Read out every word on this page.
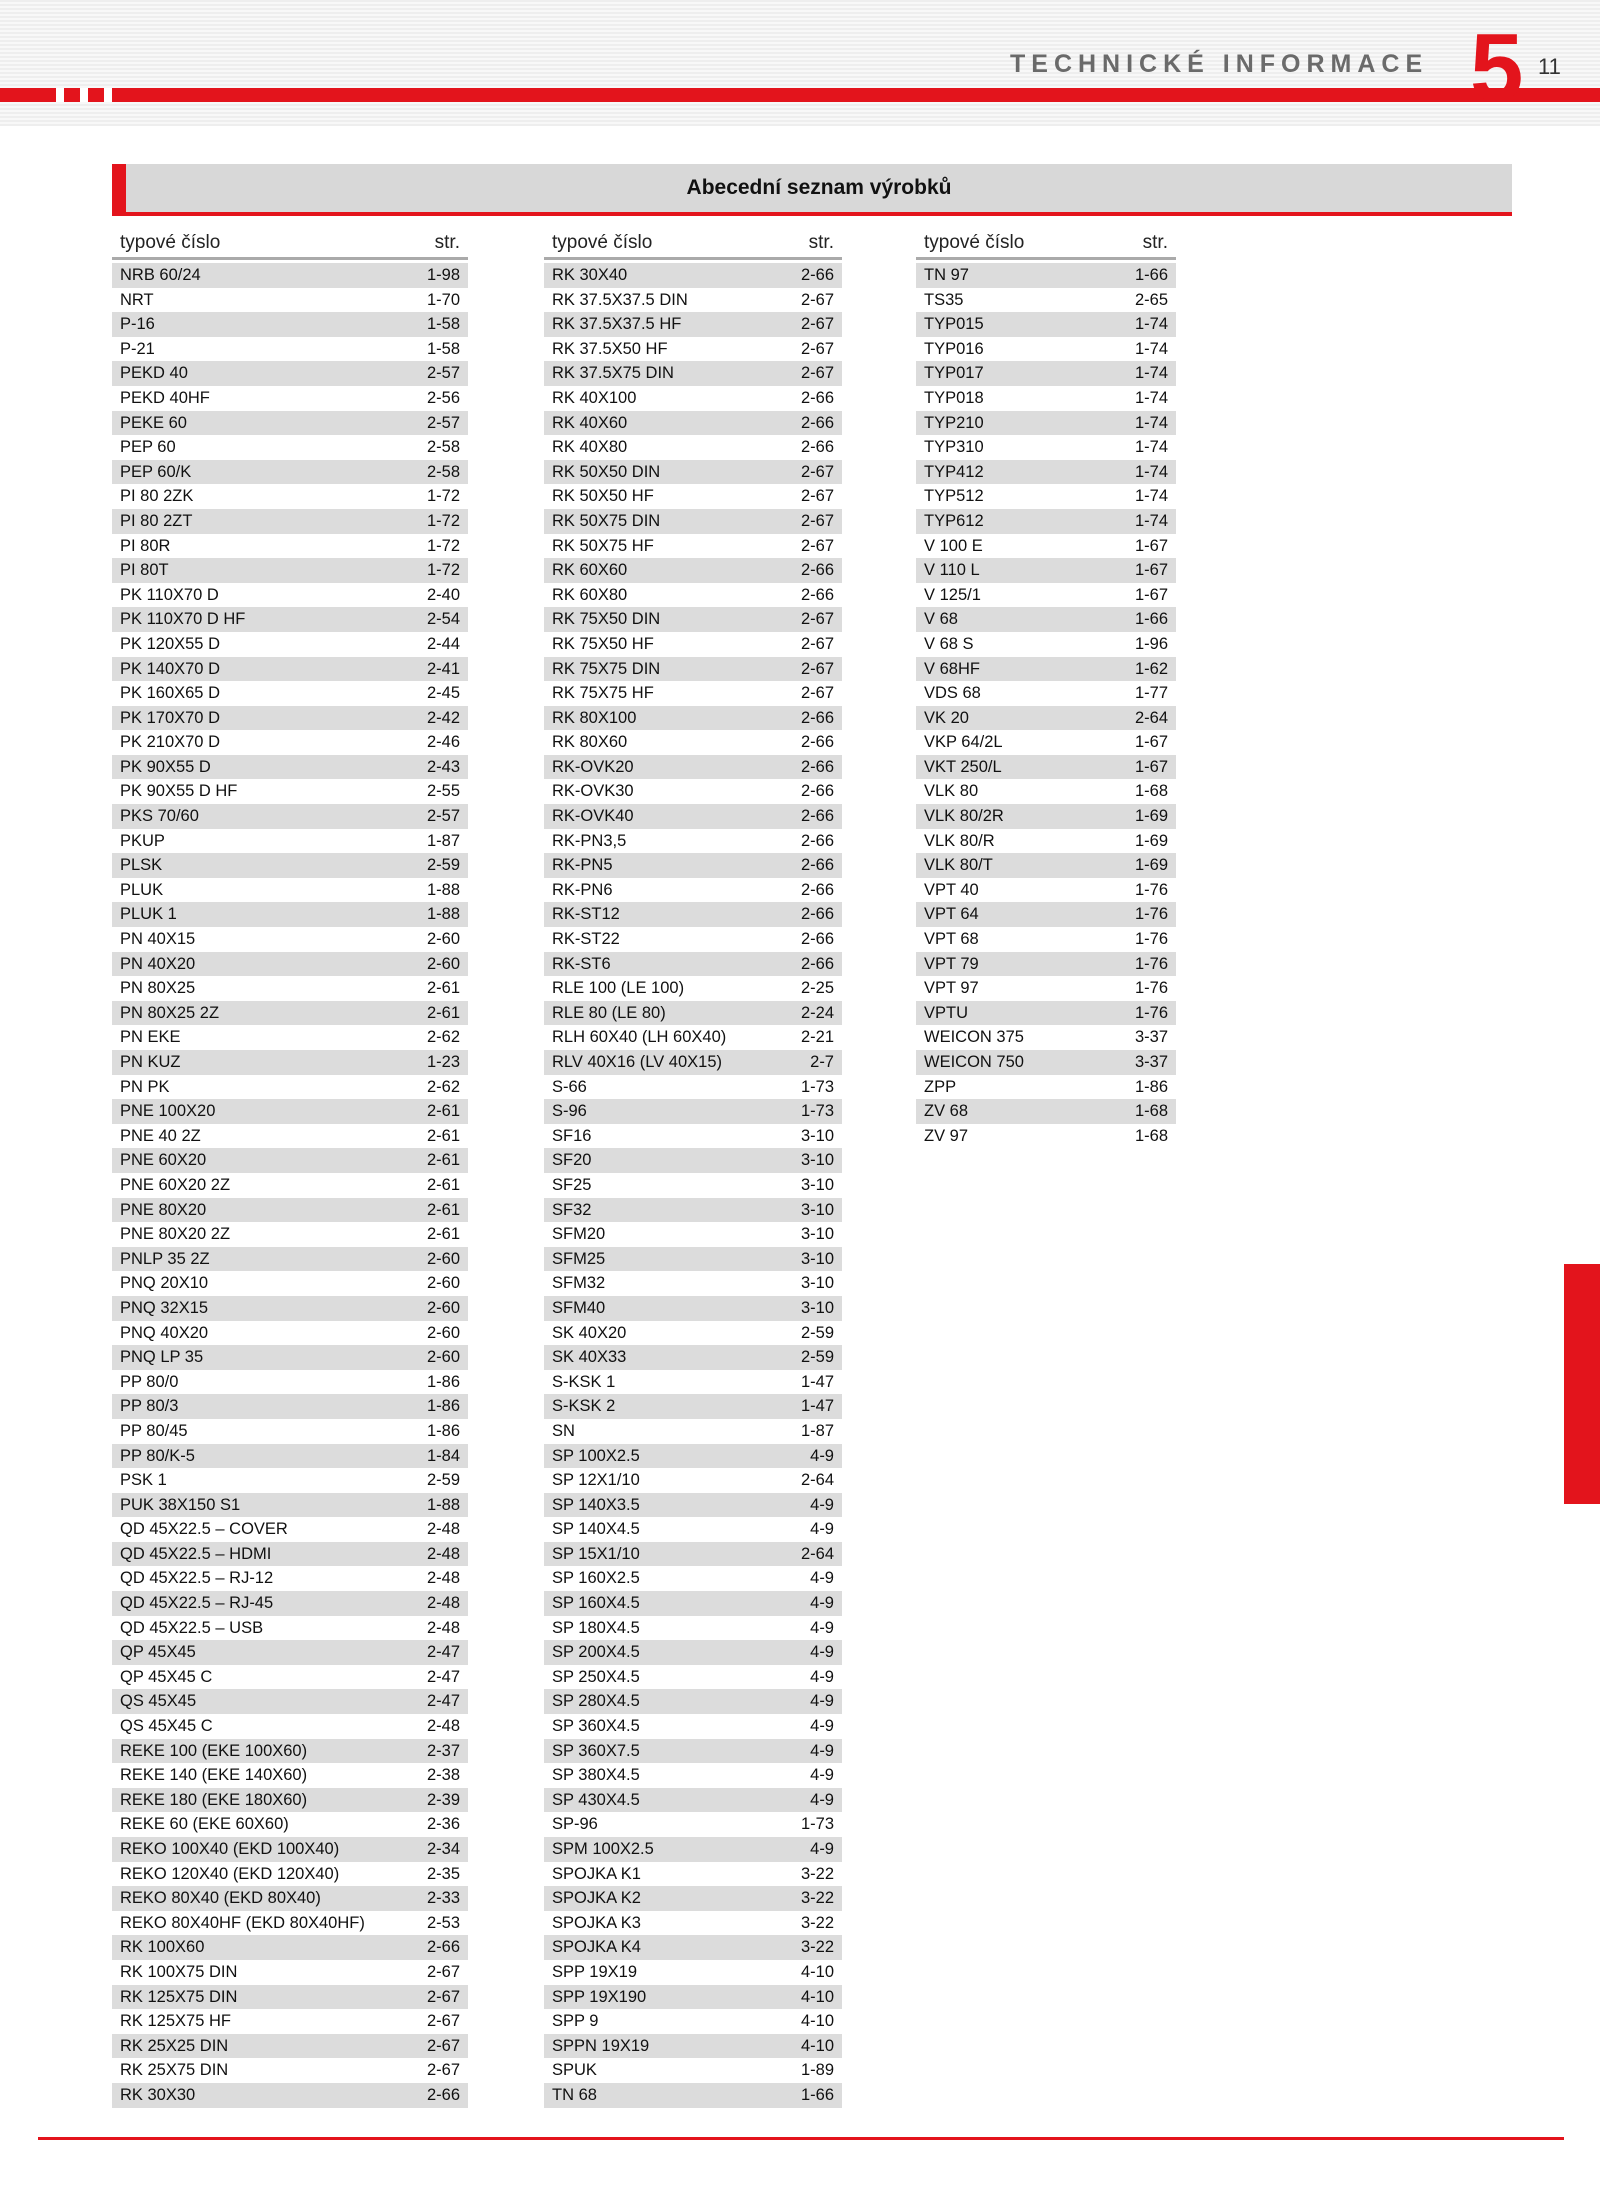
TECHNICKÉ INFORMACE 5 11
Abecední seznam výrobků
typové číslo	str.
NRB 60/24	1-98
NRT	1-70
P-16	1-58
P-21	1-58
PEKD 40	2-57
PEKD 40HF	2-56
PEKE 60	2-57
PEP 60	2-58
PEP 60/K	2-58
PI 80 2ZK	1-72
PI 80 2ZT	1-72
PI 80R	1-72
PI 80T	1-72
PK 110X70 D	2-40
PK 110X70 D HF	2-54
PK 120X55 D	2-44
PK 140X70 D	2-41
PK 160X65 D	2-45
PK 170X70 D	2-42
PK 210X70 D	2-46
PK 90X55 D	2-43
PK 90X55 D HF	2-55
PKS 70/60	2-57
PKUP	1-87
PLSK	2-59
PLUK	1-88
PLUK 1	1-88
PN 40X15	2-60
PN 40X20	2-60
PN 80X25	2-61
PN 80X25 2Z	2-61
PN EKE	2-62
PN KUZ	1-23
PN PK	2-62
PNE 100X20	2-61
PNE 40 2Z	2-61
PNE 60X20	2-61
PNE 60X20 2Z	2-61
PNE 80X20	2-61
PNE 80X20 2Z	2-61
PNLP 35 2Z	2-60
PNQ 20X10	2-60
PNQ 32X15	2-60
PNQ 40X20	2-60
PNQ LP 35	2-60
PP 80/0	1-86
PP 80/3	1-86
PP 80/45	1-86
PP 80/K-5	1-84
PSK 1	2-59
PUK 38X150 S1	1-88
QD 45X22.5 – COVER	2-48
QD 45X22.5 – HDMI	2-48
QD 45X22.5 – RJ-12	2-48
QD 45X22.5 – RJ-45	2-48
QD 45X22.5 – USB	2-48
QP 45X45	2-47
QP 45X45 C	2-47
QS 45X45	2-47
QS 45X45 C	2-48
REKE 100 (EKE 100X60)	2-37
REKE 140 (EKE 140X60)	2-38
REKE 180 (EKE 180X60)	2-39
REKE 60 (EKE 60X60)	2-36
REKO 100X40 (EKD 100X40)	2-34
REKO 120X40 (EKD 120X40)	2-35
REKO 80X40 (EKD 80X40)	2-33
REKO 80X40HF (EKD 80X40HF)	2-53
RK 100X60	2-66
RK 100X75 DIN	2-67
RK 125X75 DIN	2-67
RK 125X75 HF	2-67
RK 25X25 DIN	2-67
RK 25X75 DIN	2-67
RK 30X30	2-66
typové číslo	str.
RK 30X40	2-66
RK 37.5X37.5 DIN	2-67
RK 37.5X37.5 HF	2-67
RK 37.5X50 HF	2-67
RK 37.5X75 DIN	2-67
RK 40X100	2-66
RK 40X60	2-66
RK 40X80	2-66
RK 50X50 DIN	2-67
RK 50X50 HF	2-67
RK 50X75 DIN	2-67
RK 50X75 HF	2-67
RK 60X60	2-66
RK 60X80	2-66
RK 75X50 DIN	2-67
RK 75X50 HF	2-67
RK 75X75 DIN	2-67
RK 75X75 HF	2-67
RK 80X100	2-66
RK 80X60	2-66
RK-OVK20	2-66
RK-OVK30	2-66
RK-OVK40	2-66
RK-PN3,5	2-66
RK-PN5	2-66
RK-PN6	2-66
RK-ST12	2-66
RK-ST22	2-66
RK-ST6	2-66
RLE 100 (LE 100)	2-25
RLE 80 (LE 80)	2-24
RLH 60X40 (LH 60X40)	2-21
RLV 40X16 (LV 40X15)	2-7
S-66	1-73
S-96	1-73
SF16	3-10
SF20	3-10
SF25	3-10
SF32	3-10
SFM20	3-10
SFM25	3-10
SFM32	3-10
SFM40	3-10
SK 40X20	2-59
SK 40X33	2-59
S-KSK 1	1-47
S-KSK 2	1-47
SN	1-87
SP 100X2.5	4-9
SP 12X1/10	2-64
SP 140X3.5	4-9
SP 140X4.5	4-9
SP 15X1/10	2-64
SP 160X2.5	4-9
SP 160X4.5	4-9
SP 180X4.5	4-9
SP 200X4.5	4-9
SP 250X4.5	4-9
SP 280X4.5	4-9
SP 360X4.5	4-9
SP 360X7.5	4-9
SP 380X4.5	4-9
SP 430X4.5	4-9
SP-96	1-73
SPM 100X2.5	4-9
SPOJKA K1	3-22
SPOJKA K2	3-22
SPOJKA K3	3-22
SPOJKA K4	3-22
SPP 19X19	4-10
SPP 19X190	4-10
SPP 9	4-10
SPPN 19X19	4-10
SPUK	1-89
TN 68	1-66
typové číslo	str.
TN 97	1-66
TS35	2-65
TYP015	1-74
TYP016	1-74
TYP017	1-74
TYP018	1-74
TYP210	1-74
TYP310	1-74
TYP412	1-74
TYP512	1-74
TYP612	1-74
V 100 E	1-67
V 110 L	1-67
V 125/1	1-67
V 68	1-66
V 68 S	1-96
V 68HF	1-62
VDS 68	1-77
VK 20	2-64
VKP 64/2L	1-67
VKT 250/L	1-67
VLK 80	1-68
VLK 80/2R	1-69
VLK 80/R	1-69
VLK 80/T	1-69
VPT 40	1-76
VPT 64	1-76
VPT 68	1-76
VPT 79	1-76
VPT 97	1-76
VPTU	1-76
WEICON 375	3-37
WEICON 750	3-37
ZPP	1-86
ZV 68	1-68
ZV 97	1-68
